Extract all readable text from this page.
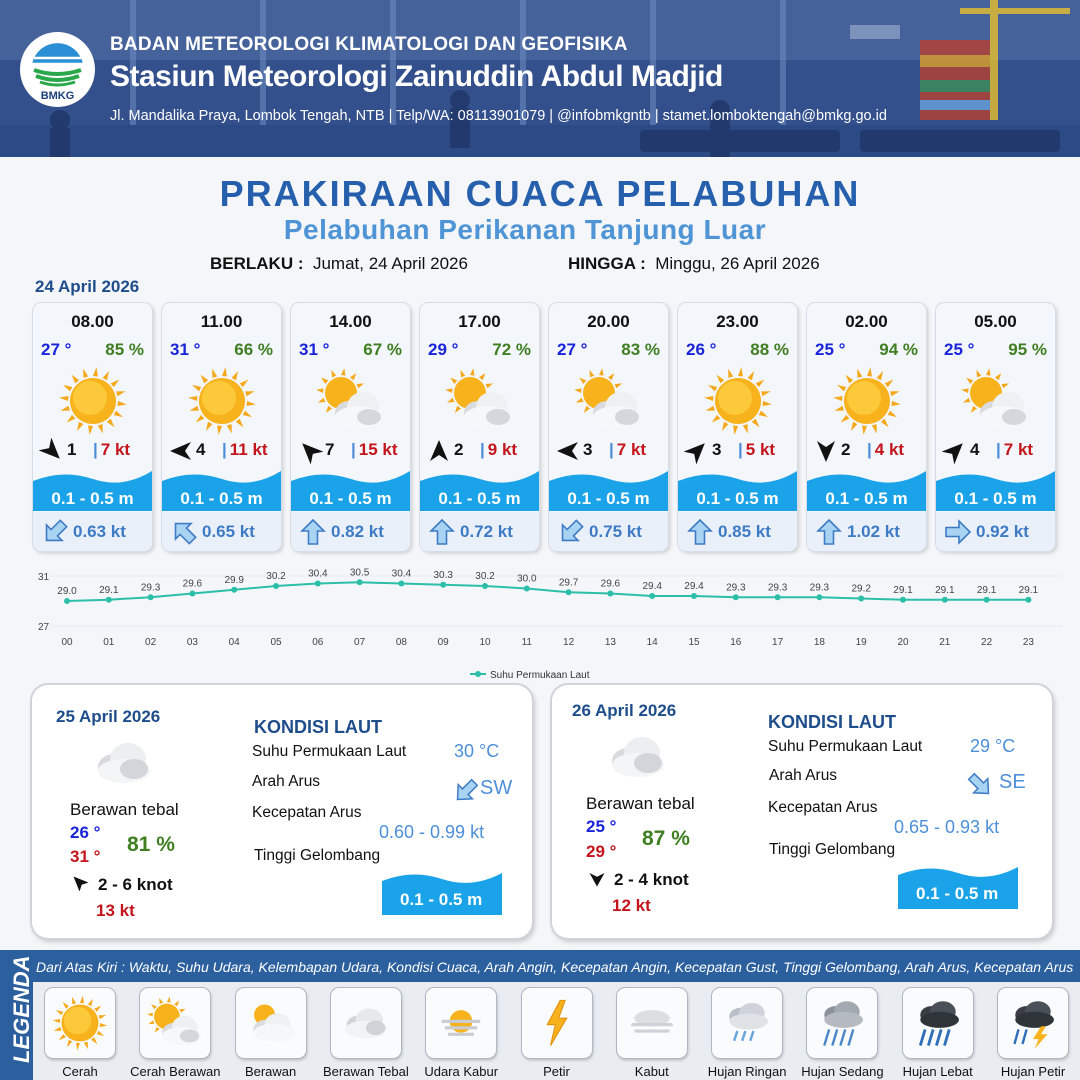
BMKG
BADAN METEOROLOGI KLIMATOLOGI DAN GEOFISIKA
Stasiun Meteorologi Zainuddin Abdul Madjid
Jl. Mandalika Praya, Lombok Tengah, NTB | Telp/WA: 08113901079 | @infobmkgntb | stamet.lomboktengah@bmkg.go.id
PRAKIRAAN CUACA PELABUHAN
Pelabuhan Perikanan Tanjung Luar
BERLAKU : Jumat, 24 April 2026	HINGGA : Minggu, 26 April 2026
24 April 2026
08.00
27 ° 85 %
1 | 7 kt
0.1 - 0.5 m
0.63 kt
11.00
31 ° 66 %
4 | 11 kt
0.1 - 0.5 m
0.65 kt
14.00
31 ° 67 %
7 | 15 kt
0.1 - 0.5 m
0.82 kt
17.00
29 ° 72 %
2 | 9 kt
0.1 - 0.5 m
0.72 kt
20.00
27 ° 83 %
3 | 7 kt
0.1 - 0.5 m
0.75 kt
23.00
26 ° 88 %
3 | 5 kt
0.1 - 0.5 m
0.85 kt
02.00
25 ° 94 %
2 | 4 kt
0.1 - 0.5 m
1.02 kt
05.00
25 ° 95 %
4 | 7 kt
0.1 - 0.5 m
0.92 kt
31
27
29.0
00
29.1
01
29.3
02
29.6
03
29.9
04
30.2
05
30.4
06
30.5
07
30.4
08
30.3
09
30.2
10
30.0
11
29.7
12
29.6
13
29.4
14
29.4
15
29.3
16
29.3
17
29.3
18
29.2
19
29.1
20
29.1
21
29.1
22
29.1
23
Suhu Permukaan Laut
25 April 2026
Berawan tebal
26 °
31 °
81 %
2 - 6 knot
13 kt
KONDISI LAUT
Suhu Permukaan Laut	30 °C
Arah Arus	SW
Kecepatan Arus
0.60 - 0.99 kt
Tinggi Gelombang
0.1 - 0.5 m
26 April 2026
Berawan tebal
25 °
29 °
87 %
2 - 4 knot
12 kt
KONDISI LAUT
Suhu Permukaan Laut	29 °C
Arah Arus	SE
Kecepatan Arus
0.65 - 0.93 kt
Tinggi Gelombang
0.1 - 0.5 m
Dari Atas Kiri : Waktu, Suhu Udara, Kelembapan Udara, Kondisi Cuaca, Arah Angin, Kecepatan Angin, Kecepatan Gust, Tinggi Gelombang, Arah Arus, Kecepatan Arus
LEGENDA
Cerah	Cerah Berawan	Berawan	Berawan Tebal	Udara Kabur	Petir	Kabut	Hujan Ringan	Hujan Sedang	Hujan Lebat	Hujan Petir
